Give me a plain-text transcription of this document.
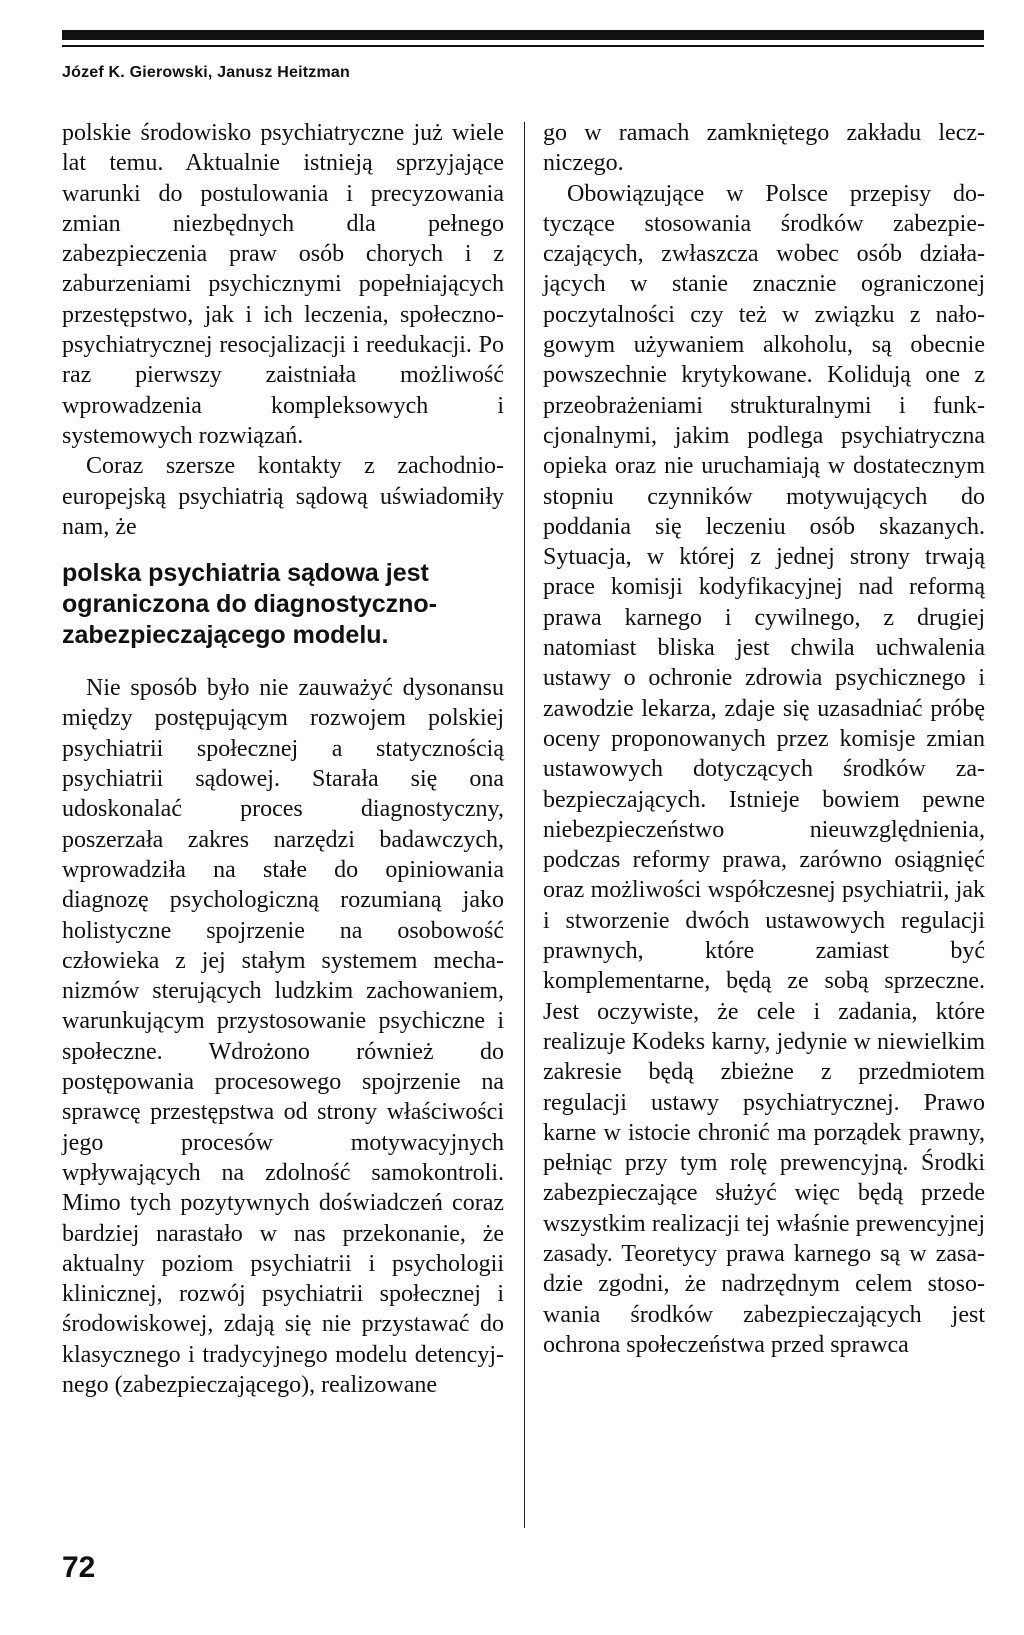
Józef K. Gierowski, Janusz Heitzman

polskie środowisko psychiatryczne już wiele lat temu. Aktualnie istnieją sprzyjające warunki do postulowania i precyzowania zmian niezbędnych dla pełnego zabezpieczenia praw osób chorych i z zaburzeniami psychicznymi popełniających przestępstwo, jak i ich leczenia, społeczno-psychiatrycznej resocjalizacji i reedukacji. Po raz pierwszy zaistniała możliwość wprowadzenia kompleksowych i systemowych rozwiązań.

Coraz szersze kontakty z zachodnioeuropejską psychiatrią sądową uświadomiły nam, że

polska psychiatria sądowa jest ograniczona do diagnostyczno-zabezpieczającego modelu.

Nie sposób było nie zauważyć dysonansu między postępującym rozwojem polskiej psychiatrii społecznej a statycznością psychiatrii sądowej. Starała się ona udoskonalać proces diagnostyczny, poszerzała zakres narzędzi badawczych, wprowadziła na stałe do opiniowania diagnozę psychologiczną rozumianą jako holistyczne spojrzenie na osobowość człowieka z jej stałym systemem mechanizmów sterujących ludzkim zachowaniem, warunkującym przystosowanie psychiczne i społeczne. Wdrożono również do postępowania procesowego spojrzenie na sprawcę przestępstwa od strony właściwości jego procesów motywacyjnych wpływających na zdolność samokontroli. Mimo tych pozytywnych doświadczeń coraz bardziej narastało w nas przekonanie, że aktualny poziom psychiatrii i psychologii klinicznej, rozwój psychiatrii społecznej i środowiskowej, zdają się nie przystawać do klasycznego i tradycyjnego modelu detencyjnego (zabezpieczającego), realizowane

go w ramach zamkniętego zakładu leczniczego.

Obowiązujące w Polsce przepisy dotyczące stosowania środków zabezpieczających, zwłaszcza wobec osób działających w stanie znacznie ograniczonej poczytalności czy też w związku z nałogowym używaniem alkoholu, są obecnie powszechnie krytykowane. Kolidują one z przeobrażeniami strukturalnymi i funkcjonalnymi, jakim podlega psychiatryczna opieka oraz nie uruchamiają w dostatecznym stopniu czynników motywujących do poddania się leczeniu osób skazanych. Sytuacja, w której z jednej strony trwają prace komisji kodyfikacyjnej nad reformą prawa karnego i cywilnego, z drugiej natomiast bliska jest chwila uchwalenia ustawy o ochronie zdrowia psychicznego i zawodzie lekarza, zdaje się uzasadniać próbę oceny proponowanych przez komisje zmian ustawowych dotyczących środków zabezpieczających. Istnieje bowiem pewne niebezpieczeństwo nieuwzględnienia, podczas reformy prawa, zarówno osiągnięć oraz możliwości współczesnej psychiatrii, jak i stworzenie dwóch ustawowych regulacji prawnych, które zamiast być komplementarne, będą ze sobą sprzeczne. Jest oczywiste, że cele i zadania, które realizuje Kodeks karny, jedynie w niewielkim zakresie będą zbieżne z przedmiotem regulacji ustawy psychiatrycznej. Prawo karne w istocie chronić ma porządek prawny, pełniąc przy tym rolę prewencyjną. Środki zabezpieczające służyć więc będą przede wszystkim realizacji tej właśnie prewencyjnej zasady. Teoretycy prawa karnego są w zasadzie zgodni, że nadrzędnym celem stosowania środków zabezpieczających jest ochrona społeczeństwa przed sprawca

72
